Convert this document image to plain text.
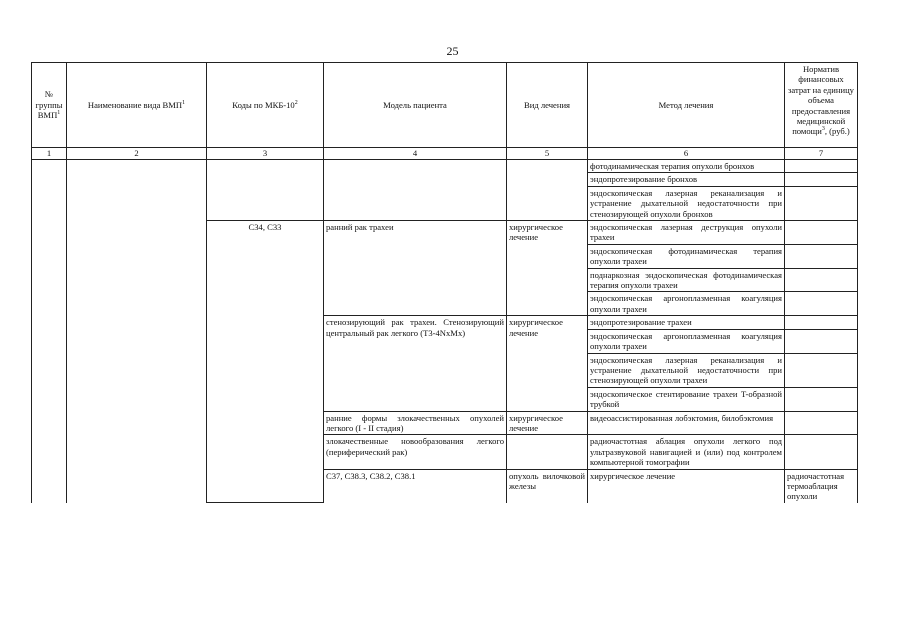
25
№ группы ВМП$^1$	Наименование вида ВМП$^1$	Коды по МКБ-$10^2$	Модель пациента	Вид лечения	Метод лечения	Норматив финансовых затрат на единицу объема предоставления медицинской помощи$^3$, (руб.)	
1	2	3	4	5	6	7	
					фотодинамическая терапия опухоли бронхов		
					эндопротезирование бронхов		
					эндоскопическая лазерная реканализация и устранение дыхательной недостаточности при стенозирующей опухоли бронхов		
		C34, C33	ранний рак трахеи	хирургическое лечение	эндоскопическая лазерная деструкция опухоли трахеи		
					эндоскопическая фотодинамическая терапия опухоли трахеи		
					поднаркозная эндоскопическая фотодинамическая терапия опухоли трахеи		
					эндоскопическая аргоноплазменная коагуляция опухоли трахеи		
			стенозирующий рак трахеи. Стенозирующий центральный рак легкого (T3-4NxMx)	хирургическое лечение	эндопротезирование трахеи		
					эндоскопическая аргоноплазменная коагуляция опухоли трахеи		
					эндоскопическая лазерная реканализация и устранение дыхательной недостаточности при стенозирующей опухоли трахеи		
					эндоскопическое стентирование трахеи T-образной трубкой		
			ранние формы злокачественных опухолей легкого (I - II стадия)	хирургическое лечение	видеоассистированная лобэктомия, билобэктомия		
			злокачественные новообразования легкого (периферический рак)		радиочастотная аблация опухоли легкого под ультразвуковой навигацией и (или) под контролем компьютерной томографии		
			C37, C38.3, C38.2, C38.1	опухоль вилочковой железы	хирургическое лечение	радиочастотная термоаблация опухоли	
